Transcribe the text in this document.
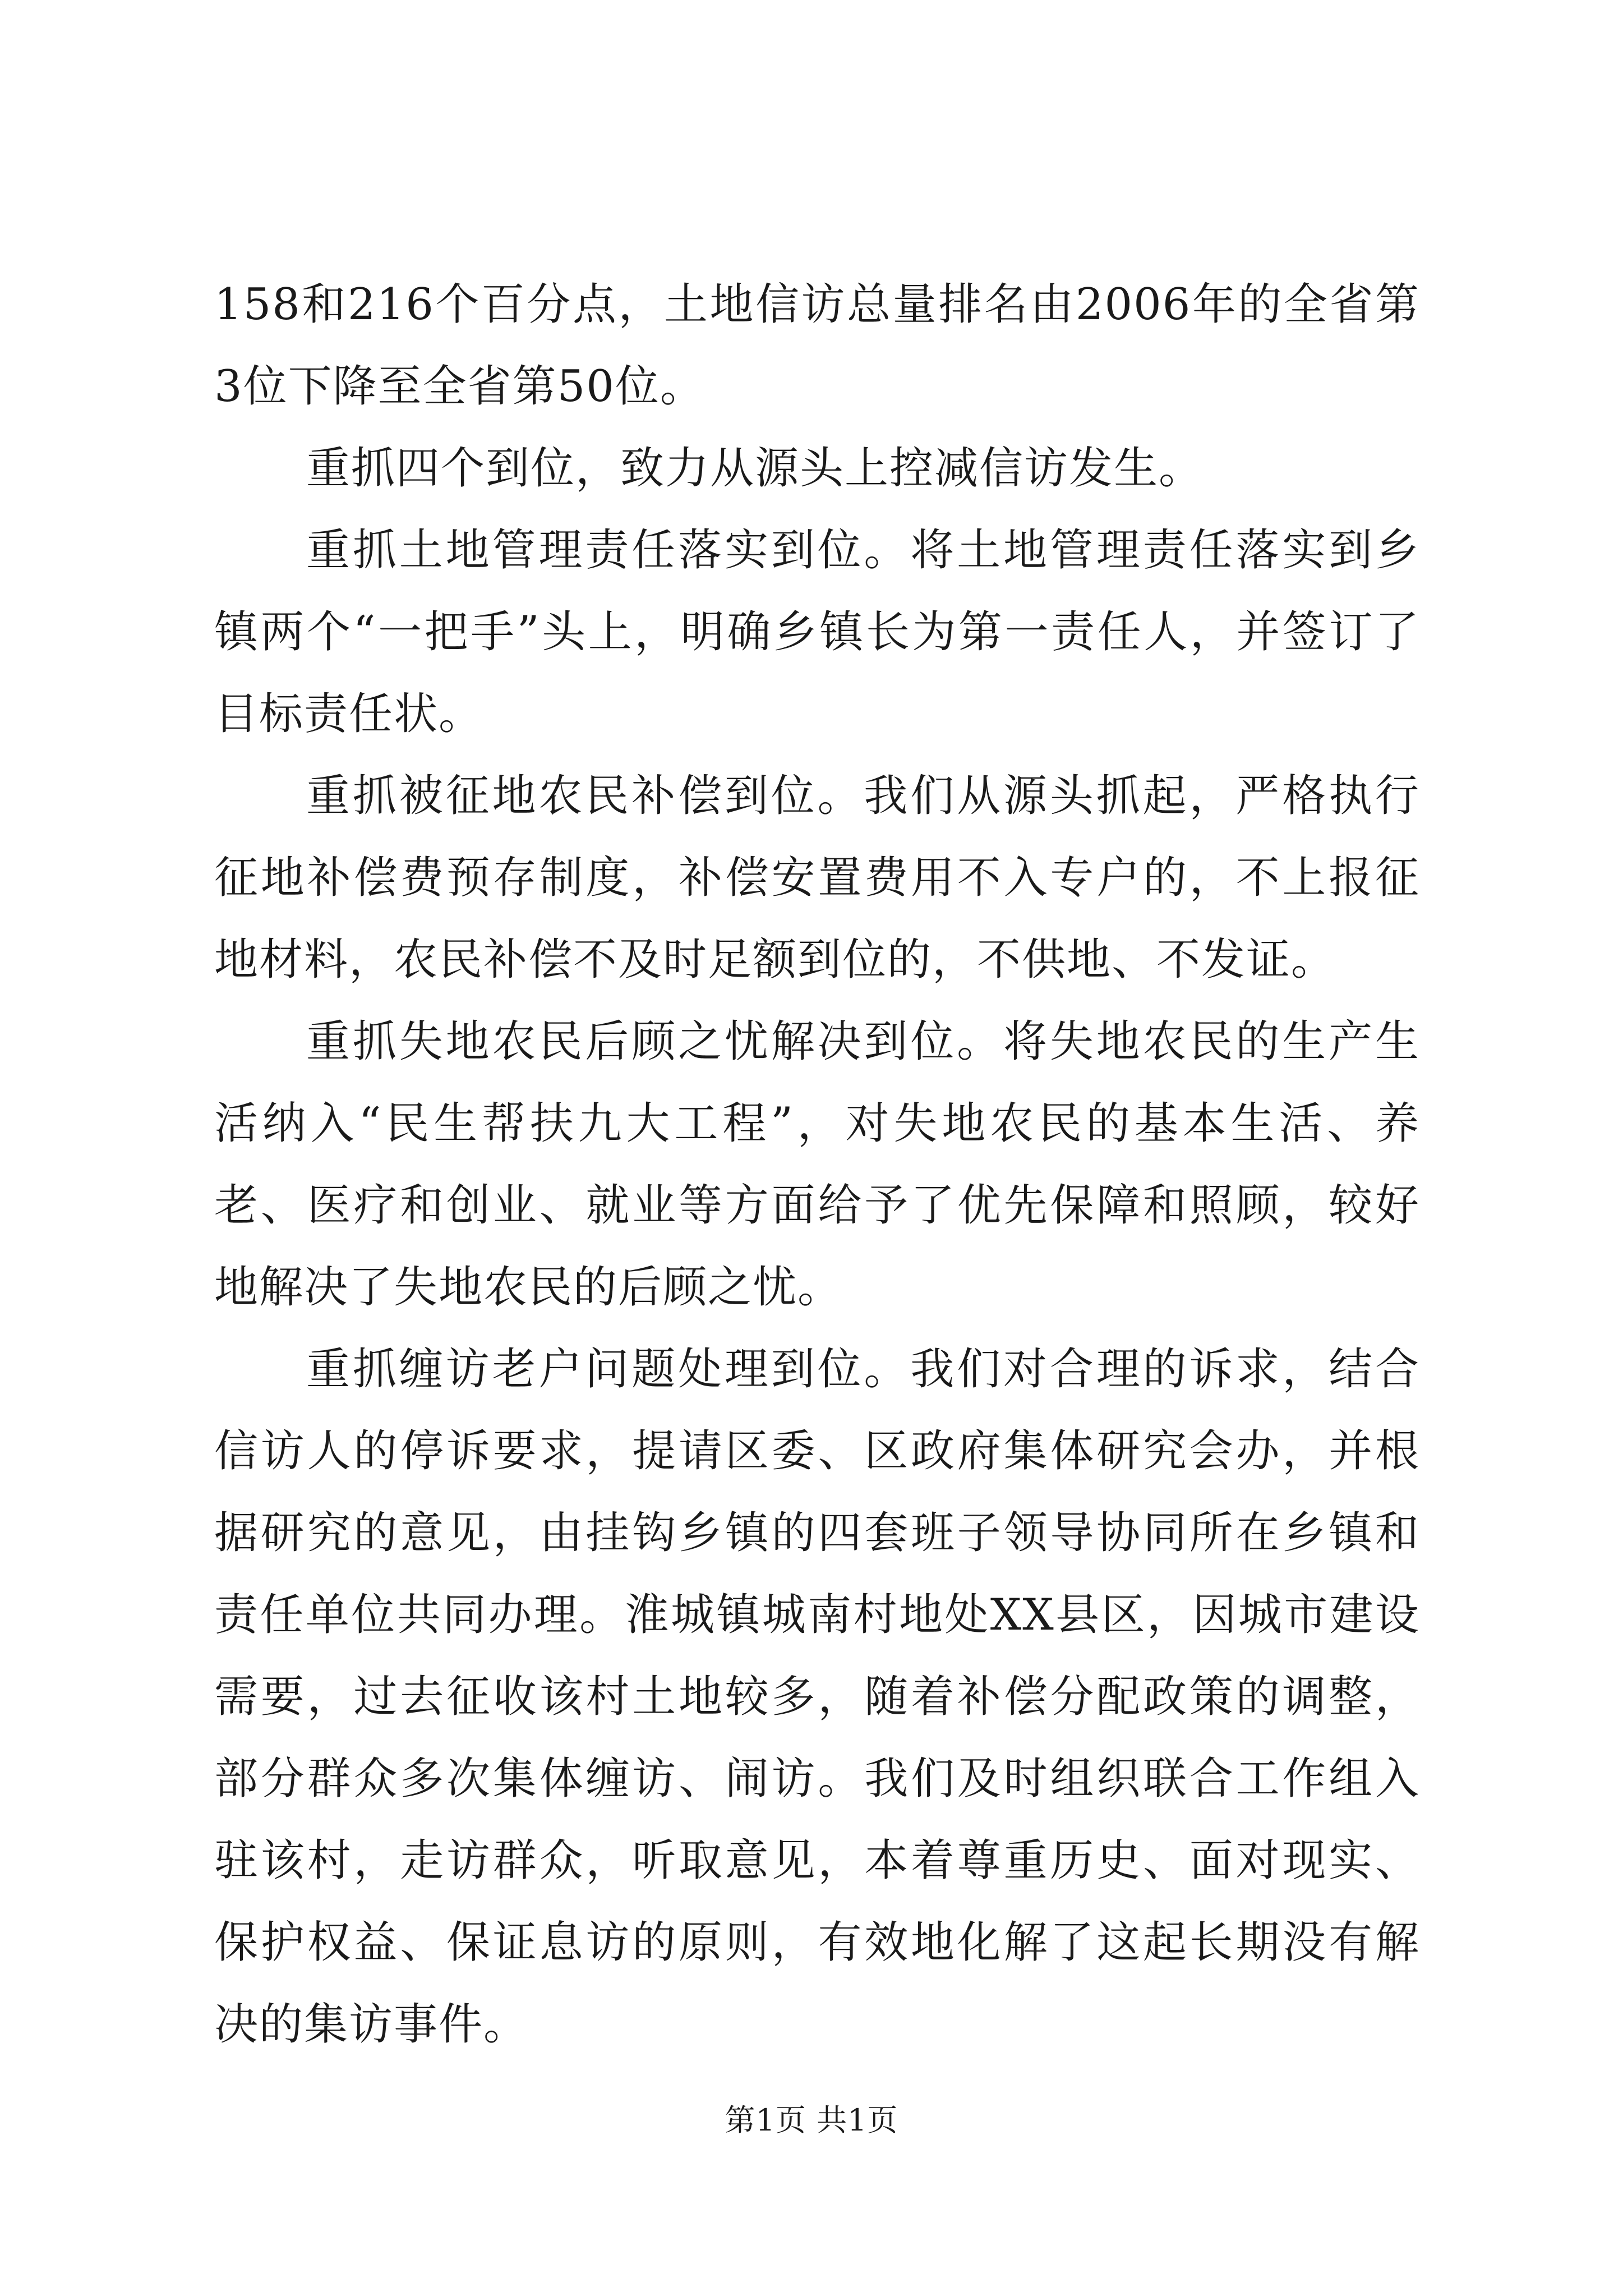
158和216个百分点，土地信访总量排名由2006年的全省第3位下降至全省第50位。

重抓四个到位，致力从源头上控减信访发生。

重抓土地管理责任落实到位。将土地管理责任落实到乡镇两个“一把手”头上，明确乡镇长为第一责任人，并签订了目标责任状。

重抓被征地农民补偿到位。我们从源头抓起，严格执行征地补偿费预存制度，补偿安置费用不入专户的，不上报征地材料，农民补偿不及时足额到位的，不供地、不发证。

重抓失地农民后顾之忧解决到位。将失地农民的生产生活纳入“民生帮扶九大工程”，对失地农民的基本生活、养老、医疗和创业、就业等方面给予了优先保障和照顾，较好地解决了失地农民的后顾之忧。

重抓缠访老户问题处理到位。我们对合理的诉求，结合信访人的停诉要求，提请区委、区政府集体研究会办，并根据研究的意见，由挂钩乡镇的四套班子领导协同所在乡镇和责任单位共同办理。淮城镇城南村地处XX县区，因城市建设需要，过去征收该村土地较多，随着补偿分配政策的调整，部分群众多次集体缠访、闹访。我们及时组织联合工作组入驻该村，走访群众，听取意见，本着尊重历史、面对现实、保护权益、保证息访的原则，有效地化解了这起长期没有解决的集访事件。

第1页 共1页
